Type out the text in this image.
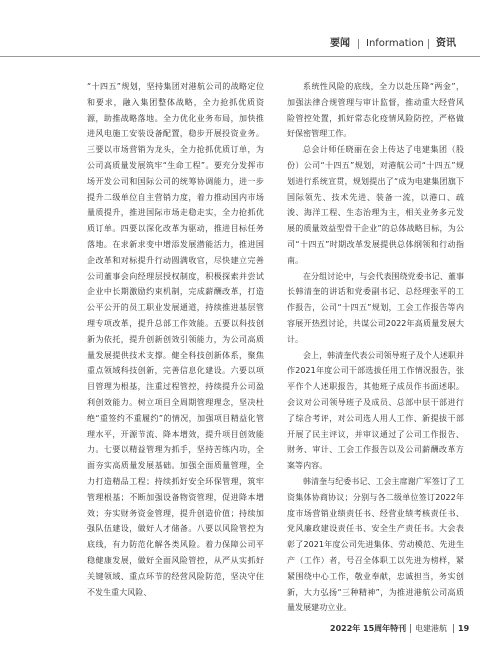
要闻 Information 资讯

“十四五”规划，坚持集团对港航公司的战略定位和要求，融入集团整体战略，全力抢抓优质资源，助推战略落地。全力优化业务布局，加快推进风电施工安装设备配置，稳步开展投资业务。三要以市场营销为龙头，全力抢抓优质订单，为公司高质量发展筑牢“生命工程”。要充分发挥市场开发公司和国际公司的统筹协调能力，进一步提升二级单位自主营销力度，着力推动国内市场量质提升，推进国际市场走稳走实，全力抢抓优质订单。四要以深化改革为驱动，推进目标任务落地。在求新求变中增添发展潜能活力，推进国企改革和对标提升行动圆满收官，尽快建立完善公司董事会向经理层授权制度，积极探索并尝试企业中长期激励约束机制，完成薪酬改革，打造公平公开的员工职业发展通道，持续推进基层管理专项改革，提升总部工作效能。五要以科技创新为依托，提升创新创效引领能力，为公司高质量发展提供技术支撑。健全科技创新体系，聚焦重点领域科技创新，完善信息化建设。六要以项目管理为根基，注重过程管控，持续提升公司盈利创效能力。树立项目全周期管理理念，坚决杜绝“重签约不重履约”的情况，加强项目精益化管理水平，开源节流、降本增效，提升项目创效能力。七要以精益管理为抓手，坚持苦练内功，全面夯实高质量发展基础。加强全面质量管理，全力打造精品工程；持续抓好安全环保管理，筑牢管理根基；不断加强设备物资管理，促进降本增效；夯实财务资金管理，提升创造价值；持续加强队伍建设，做好人才储备。八要以风险管控为底线，有力防范化解各类风险。着力保障公司平稳健康发展，做好全面风险管控，从严从实抓好关键领域、重点环节的经营风险防范，坚决守住不发生重大风险、

系统性风险的底线，全力以赴压降“两金”，加强法律合规管理与审计监督，推动重大经营风险管控处置，抓好常态化疫情风险防控，严格做好保密管理工作。

总会计师任晓丽在会上传达了电建集团（股份）公司“十四五”规划，对港航公司“十四五”规划进行系统宣贯，规划提出了“成为电建集团旗下国际领先、技术先进、装备一流，以港口、疏浚、海洋工程、生态治理为主，相关业务多元发展的质量效益型骨干企业”的总体战略目标，为公司“十四五”时期改革发展提供总体纲领和行动指南。

在分组讨论中，与会代表围绕党委书记、董事长韩清奎的讲话和党委副书记、总经理张平的工作报告，公司“十四五”规划，工会工作报告等内容展开热烈讨论，共谋公司2022年高质量发展大计。

会上，韩清奎代表公司领导班子及个人述职并作2021年度公司干部选拔任用工作情况报告，张平作个人述职报告，其他班子成员作书面述职。会议对公司领导班子及成员、总部中层干部进行了综合考评，对公司选人用人工作、新提拔干部开展了民主评议，并审议通过了公司工作报告、财务、审计、工会工作报告以及公司薪酬改革方案等内容。

韩清奎与纪委书记、工会主席谢广军签订了工资集体协商协议；分别与各二级单位签订2022年度市场营销业绩责任书、经营业绩考核责任书、党风廉政建设责任书、安全生产责任书。大会表彰了2021年度公司先进集体、劳动模范、先进生产（工作）者，号召全体职工以先进为榜样，紧紧围绕中心工作，敬业奉献，忠诚担当，务实创新，大力弘扬“三种精神”，为推进港航公司高质量发展建功立业。

2022年 15周年特刊 电建港航 19
